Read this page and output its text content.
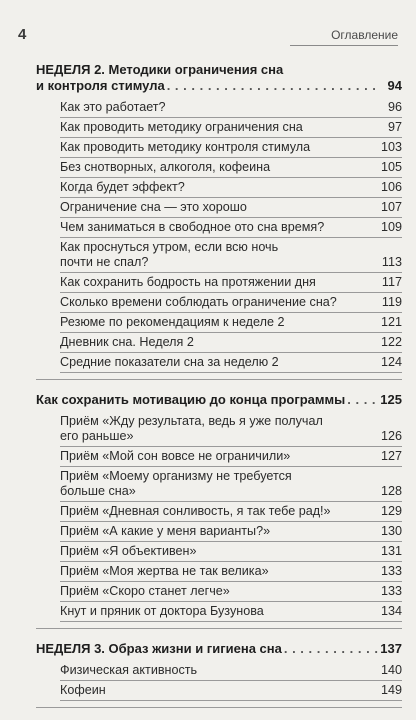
4	Оглавление
НЕДЕЛЯ 2. Методики ограничения сна
и контроля стимула . . .	94
Как это работает?	96
Как проводить методику ограничения сна	97
Как проводить методику контроля стимула	103
Без снотворных, алкоголя, кофеина	105
Когда будет эффект?	106
Ограничение сна — это хорошо	107
Чем заниматься в свободное ото сна время?	109
Как проснуться утром, если всю ночь
почти не спал?	113
Как сохранить бодрость на протяжении дня	117
Сколько времени соблюдать ограничение сна?	119
Резюме по рекомендациям к неделе 2	121
Дневник сна. Неделя 2	122
Средние показатели сна за неделю 2	124
Как сохранить мотивацию до конца программы . . .	125
Приём «Жду результата, ведь я уже получал
его раньше»	126
Приём «Мой сон вовсе не ограничили»	127
Приём «Моему организму не требуется
больше сна»	128
Приём «Дневная сонливость, я так тебе рад!»	129
Приём «А какие у меня варианты?»	130
Приём «Я объективен»	131
Приём «Моя жертва не так велика»	133
Приём «Скоро станет легче»	133
Кнут и пряник от доктора Бузунова	134
НЕДЕЛЯ 3. Образ жизни и гигиена сна . . .	137
Физическая активность	140
Кофеин	149
